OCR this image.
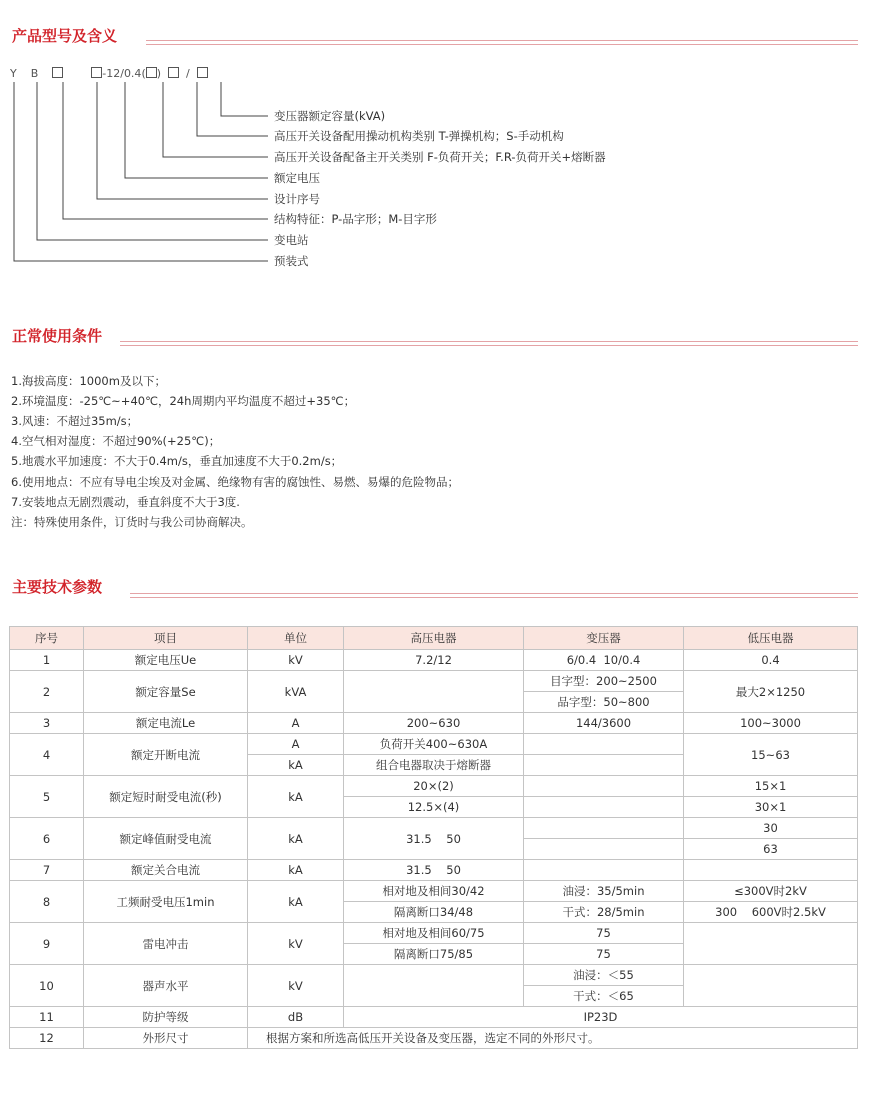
产品型号及含义
Y B	-12/0.4( ) /
变压器额定容量(kVA)
高压开关设备配用操动机构类别 T-弹操机构；S-手动机构
高压开关设备配备主开关类别 F-负荷开关；F.R-负荷开关+熔断器
额定电压
设计序号
结构特征：P-品字形；M-目字形
变电站
预装式
正常使用条件
1.海拔高度：1000m及以下；
2.环境温度：-25℃~+40℃，24h周期内平均温度不超过+35℃；
3.风速：不超过35m/s；
4.空气相对湿度：不超过90%(+25℃)；
5.地震水平加速度：不大于0.4m/s，垂直加速度不大于0.2m/s；
6.使用地点：不应有导电尘埃及对金属、绝缘物有害的腐蚀性、易燃、易爆的危险物品；
7.安装地点无剧烈震动，垂直斜度不大于3度.
注：特殊使用条件，订货时与我公司协商解决。
主要技术参数
序号	项目	单位	高压电器	变压器	低压电器
1	额定电压Ue	kV	7.2/12	6/0.4  10/0.4	0.4
2	额定容量Se	kVA		目字型：200~2500	最大2×1250
				品字型：50~800	
3	额定电流Le	A	200~630	144/3600	100~3000
4	额定开断电流	A	负荷开关400~630A		15~63
		kA	组合电器取决于熔断器		
5	额定短时耐受电流(秒)	kA	20×(2)		15×1
			12.5×(4)		30×1
6	额定峰值耐受电流	kA	31.5    50		30
					63
7	额定关合电流	kA	31.5    50		
8	工频耐受电压1min	kA	相对地及相间30/42	油浸：35/5min	≤300V时2kV
			隔离断口34/48	干式：28/5min	300    600V时2.5kV
9	雷电冲击	kV	相对地及相间60/75	75	
			隔离断口75/85	75	
10	器声水平	kV		油浸：＜55	
				干式：＜65	
11	防护等级	dB	IP23D		
12	外形尺寸	根据方案和所选高低压开关设备及变压器，选定不同的外形尺寸。			
